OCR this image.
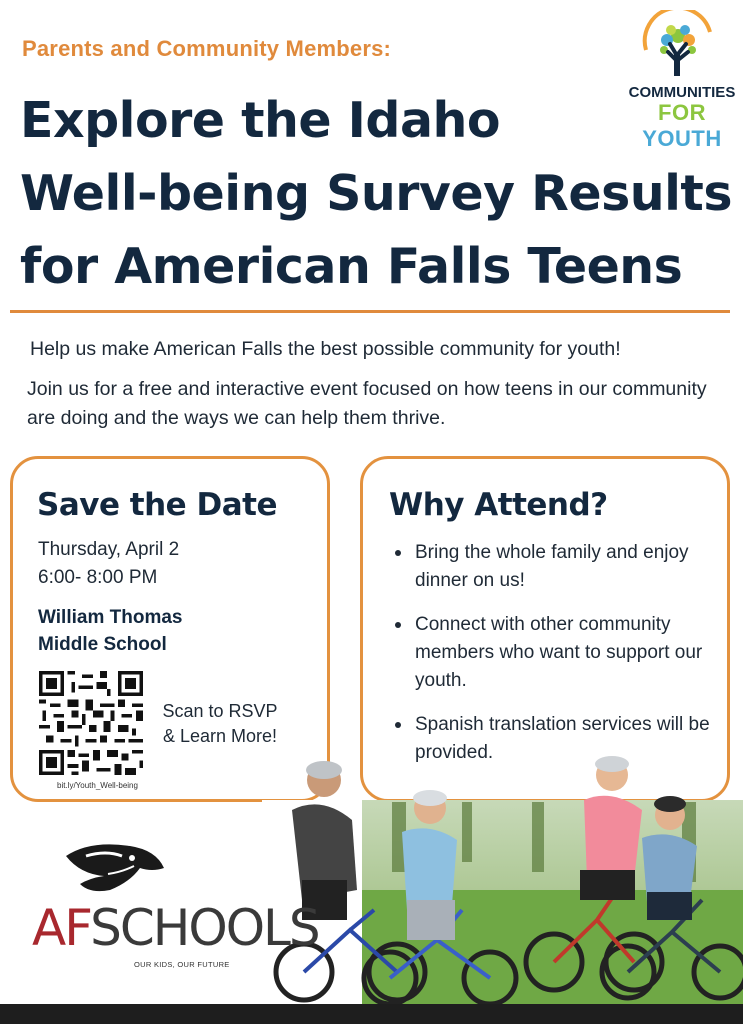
Parents and Community Members:
Explore the Idaho
Well-being Survey Results
for American Falls Teens
COMMUNITIES
FOR YOUTH

Help us make American Falls the best possible community for youth!

Join us for a free and interactive event focused on how teens in our community are doing and the ways we can help them thrive.

Save the Date
Thursday, April 2
6:00- 8:00 PM
William Thomas
Middle School
bit.ly/Youth_Well-being
Scan to RSVP
& Learn More!
Why Attend?
Bring the whole family and enjoy dinner on us!
Connect with other community members who want to support our youth.
Spanish translation services will be provided.
AFSCHOOLS
OUR KIDS, OUR FUTURE
